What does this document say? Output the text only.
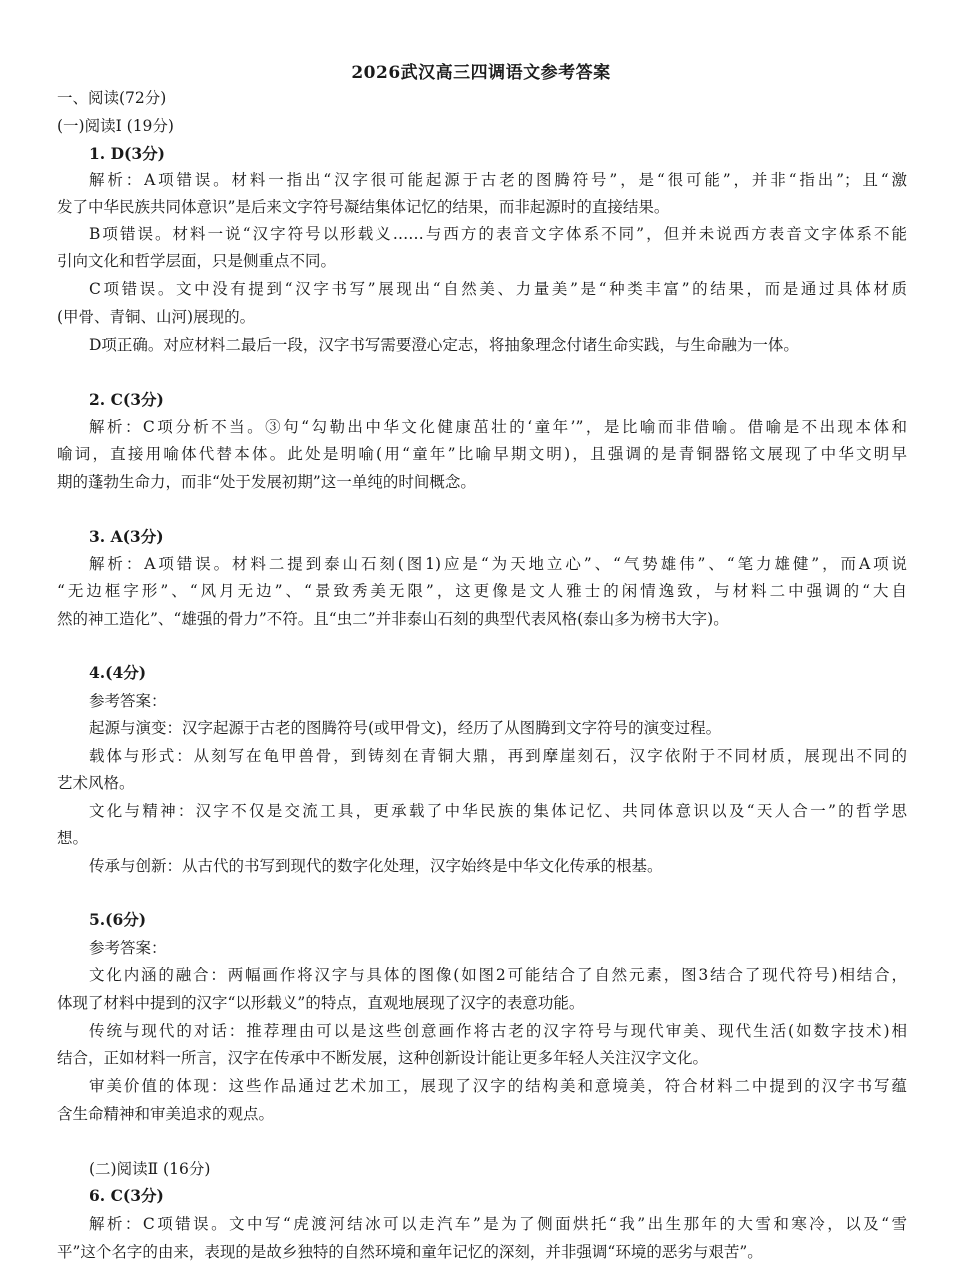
2026武汉高三四调语文参考答案
一、阅读(72分)
(一)阅读Ⅰ (19分)
1. D(3分)
解析：A项错误。材料一指出“汉字很可能起源于古老的图腾符号”，是“很可能”，并非“指出”；且“激
发了中华民族共同体意识”是后来文字符号凝结集体记忆的结果，而非起源时的直接结果。
B项错误。材料一说“汉字符号以形载义……与西方的表音文字体系不同”，但并未说西方表音文字体系不能
引向文化和哲学层面，只是侧重点不同。
C项错误。文中没有提到“汉字书写”展现出“自然美、力量美”是“种类丰富”的结果，而是通过具体材质
(甲骨、青铜、山河)展现的。
D项正确。对应材料二最后一段，汉字书写需要澄心定志，将抽象理念付诸生命实践，与生命融为一体。
2. C(3分)
解析：C项分析不当。③句“勾勒出中华文化健康茁壮的‘童年’”，是比喻而非借喻。借喻是不出现本体和
喻词，直接用喻体代替本体。此处是明喻(用“童年”比喻早期文明)，且强调的是青铜器铭文展现了中华文明早
期的蓬勃生命力，而非“处于发展初期”这一单纯的时间概念。
3. A(3分)
解析：A项错误。材料二提到泰山石刻(图1)应是“为天地立心”、“气势雄伟”、“笔力雄健”，而A项说
“无边框字形”、“风月无边”、“景致秀美无限”，这更像是文人雅士的闲情逸致，与材料二中强调的“大自
然的神工造化”、“雄强的骨力”不符。且“虫二”并非泰山石刻的典型代表风格(泰山多为榜书大字)。
4.(4分)
参考答案：
起源与演变：汉字起源于古老的图腾符号(或甲骨文)，经历了从图腾到文字符号的演变过程。
载体与形式：从刻写在龟甲兽骨，到铸刻在青铜大鼎，再到摩崖刻石，汉字依附于不同材质，展现出不同的
艺术风格。
文化与精神：汉字不仅是交流工具，更承载了中华民族的集体记忆、共同体意识以及“天人合一”的哲学思
想。
传承与创新：从古代的书写到现代的数字化处理，汉字始终是中华文化传承的根基。
5.(6分)
参考答案：
文化内涵的融合：两幅画作将汉字与具体的图像(如图2可能结合了自然元素，图3结合了现代符号)相结合，
体现了材料中提到的汉字“以形载义”的特点，直观地展现了汉字的表意功能。
传统与现代的对话：推荐理由可以是这些创意画作将古老的汉字符号与现代审美、现代生活(如数字技术)相
结合，正如材料一所言，汉字在传承中不断发展，这种创新设计能让更多年轻人关注汉字文化。
审美价值的体现：这些作品通过艺术加工，展现了汉字的结构美和意境美，符合材料二中提到的汉字书写蕴
含生命精神和审美追求的观点。
(二)阅读Ⅱ (16分)
6. C(3分)
解析：C项错误。文中写“虎渡河结冰可以走汽车”是为了侧面烘托“我”出生那年的大雪和寒冷，以及“雪
平”这个名字的由来，表现的是故乡独特的自然环境和童年记忆的深刻，并非强调“环境的恶劣与艰苦”。
